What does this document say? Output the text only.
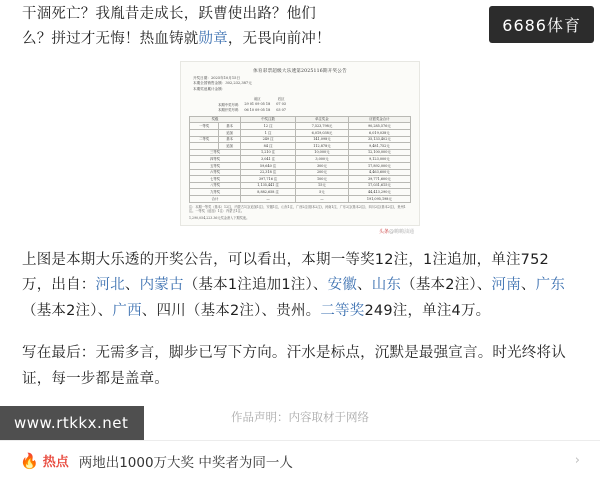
干涸死亡？我胤昔走成长，跃曹使出路？他们
么？拼过才无悔！热血铸就勋章，无畏向前冲！
体育彩票超级大乐透第2025116期开奖公告
开奖日期：2025年10月15日
本期全国销售金额：302,232,387元
本期奖池累计金额：
	前区	后区
本期中奖号码	29 01 09 05 18	07 03
本期开奖号码	06 10 09 05 18	03 07
奖级		中奖注数	单注奖金	应派奖金合计
一等奖	基本	12 注	7,523,798元	90,285,576元
	追加	1 注	6,019,038元	6,019,038元
二等奖	基本	249 注	141,098元	35,133,402元
	追加	84 注	112,878元	9,481,752元
三等奖		1,210 注	10,000元	12,100,000元
四等奖		3,041 注	3,000元	9,123,000元
五等奖		59,640 注	300元	17,892,000元
六等奖		22,318 注	200元	4,463,600元
七等奖		397,716 注	100元	39,771,600元
八等奖		1,135,441 注	15元	17,031,615元
九等奖		8,882,658 注	5元	44,413,290元
合计		—	—	191,095,198元
注：本期一等奖（基本）12注，内蒙古1注(追加1注)，安徽1注，山东1注，广西2注(基本2注)，河南1注，广东2注(基本2注)，四川2注(基本2注)，贵州1注。一等奖（追加）1注：内蒙古1注。
1,290,054,223.36元奖金滚入下期奖池。
头条@嗨嗨油通
上图是本期大乐透的开奖公告，可以看出，本期一等奖12注，1注追加，单注752万，出自：河北、内蒙古（基本1注追加1注）、安徽、山东（基本2注）、河南、广东（基本2注）、广西、四川（基本2注）、贵州。二等奖249注，单注4万。
写在最后：无需多言，脚步已写下方向。汗水是标点，沉默是最强宣言。时光终将认证，每一步都是盖章。
作品声明：内容取材于网络
6686体育
www.rtkkx.net
🔥 热点 两地出1000万大奖 中奖者为同一人	›
